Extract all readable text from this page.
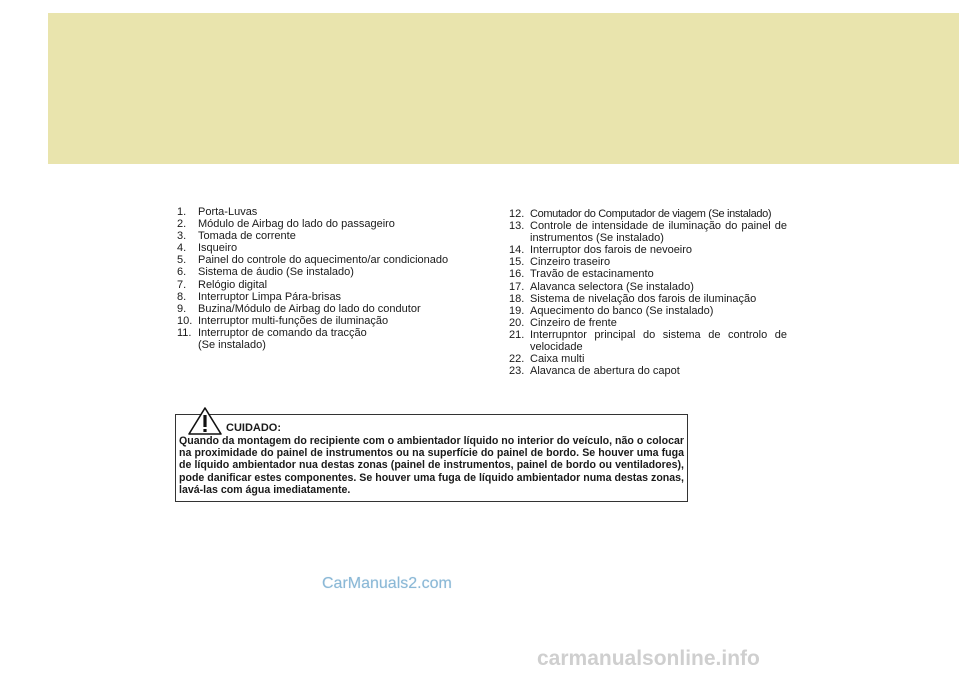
1.	Porta-Luvas
2.	Módulo de Airbag do lado do passageiro
3.	Tomada de corrente
4.	Isqueiro
5.	Painel do controle do aquecimento/ar condicionado
6.	Sistema de áudio (Se instalado)
7.	Relógio digital
8.	Interruptor Limpa Pára-brisas
9.	Buzina/Módulo de Airbag do lado do condutor
10. Interruptor multi-funções de iluminação
11. Interruptor de comando da tracção (Se instalado)
12. Comutador do Computador de viagem (Se instalado)
13. Controle de intensidade de iluminação do painel de instrumentos (Se instalado)
14. Interruptor dos farois de nevoeiro
15. Cinzeiro traseiro
16. Travão de estacinamento
17. Alavanca selectora (Se instalado)
18. Sistema de nivelação dos farois de iluminação
19. Aquecimento do banco (Se instalado)
20. Cinzeiro de frente
21. Interrupntor principal do sistema de controlo de velocidade
22. Caixa multi
23. Alavanca de abertura do capot
CUIDADO:

Quando da montagem do recipiente com o ambientador líquido no interior do veículo, não o colocar na proximidade do painel de instrumentos ou na superfície do painel de bordo. Se houver uma fuga de líquido ambientador nua destas zonas (painel de instrumentos, painel de bordo ou ventiladores), pode danificar estes componentes. Se houver uma fuga de líquido ambientador numa destas zonas, lavá-las com água imediatamente.

CarManuals2.com
carmanualsonline.info
